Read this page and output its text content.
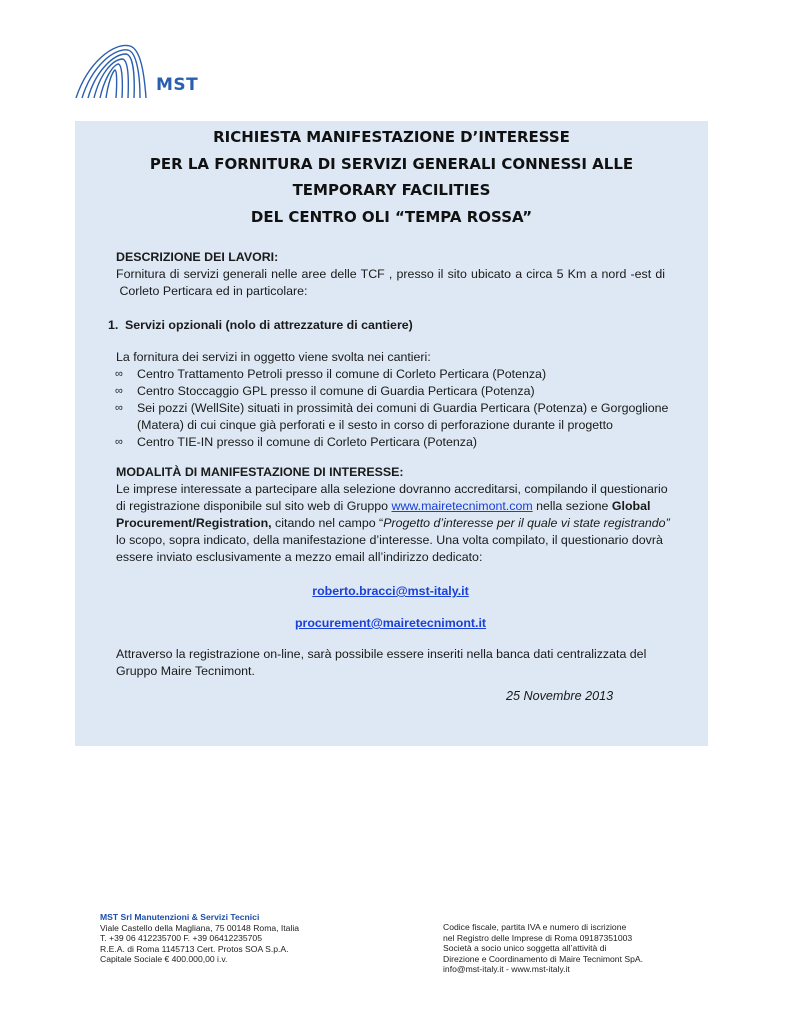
MST
RICHIESTA MANIFESTAZIONE D’INTERESSE
PER LA FORNITURA DI SERVIZI GENERALI CONNESSI ALLE
TEMPORARY FACILITIES
DEL CENTRO OLI “TEMPA ROSSA”
DESCRIZIONE DEI LAVORI:
Fornitura di servizi generali nelle aree delle TCF , presso il sito ubicato a circa 5 Km a nord -est di
Corleto Perticara ed in particolare:
1. Servizi opzionali (nolo di attrezzature di cantiere)
La fornitura dei servizi in oggetto viene svolta nei cantieri:
∞ Centro Trattamento Petroli presso il comune di Corleto Perticara (Potenza)
∞ Centro Stoccaggio GPL presso il comune di Guardia Perticara (Potenza)
∞ Sei pozzi (WellSite) situati in prossimità dei comuni di Guardia Perticara (Potenza) e Gorgoglione
(Matera) di cui cinque già perforati e il sesto in corso di perforazione durante il progetto
∞ Centro TIE-IN presso il comune di Corleto Perticara (Potenza)
MODALITÀ DI MANIFESTAZIONE DI INTERESSE:
Le imprese interessate a partecipare alla selezione dovranno accreditarsi, compilando il questionario
di registrazione disponibile sul sito web di Gruppo www.mairetecnimont.com nella sezione Global
Procurement/Registration, citando nel campo “Progetto d’interesse per il quale vi state registrando”
lo scopo, sopra indicato, della manifestazione d’interesse. Una volta compilato, il questionario dovrà
essere inviato esclusivamente a mezzo email all’indirizzo dedicato:
roberto.bracci@mst-italy.it
procurement@mairetecnimont.it
Attraverso la registrazione on-line, sarà possibile essere inseriti nella banca dati centralizzata del
Gruppo Maire Tecnimont.
25 Novembre 2013
MST Srl Manutenzioni & Servizi Tecnici
Viale Castello della Magliana, 75 00148 Roma, Italia
T. +39 06 412235700 F. +39 06412235705
R.E.A. di Roma 1145713 Cert. Protos SOA S.p.A.
Capitale Sociale € 400.000,00 i.v.
Codice fiscale, partita IVA e numero di iscrizione
nel Registro delle Imprese di Roma 09187351003
Società a socio unico soggetta all’attività di
Direzione e Coordinamento di Maire Tecnimont SpA.
info@mst-italy.it - www.mst-italy.it
